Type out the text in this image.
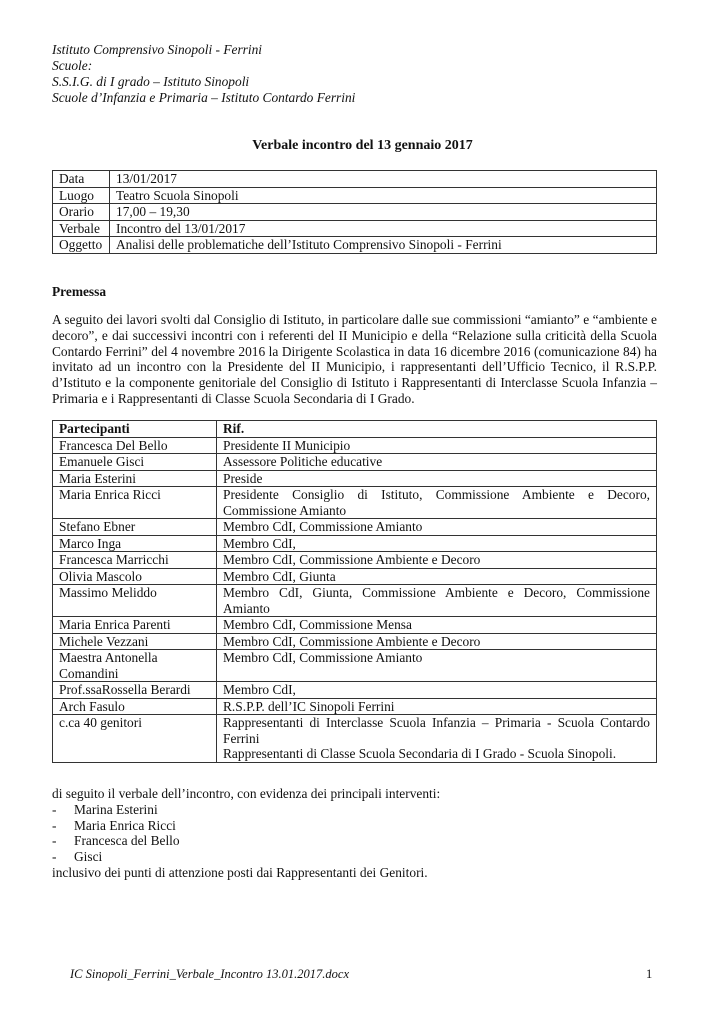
Istituto Comprensivo Sinopoli - Ferrini
Scuole:
S.S.I.G. di I grado – Istituto Sinopoli
Scuole d’Infanzia e Primaria – Istituto Contardo Ferrini
Verbale incontro del 13 gennaio 2017
Data	13/01/2017
Luogo	Teatro Scuola Sinopoli
Orario	17,00 – 19,30
Verbale	Incontro del 13/01/2017
Oggetto	Analisi delle problematiche dell’Istituto Comprensivo Sinopoli - Ferrini
Premessa
A seguito dei lavori svolti dal Consiglio di Istituto, in particolare dalle sue commissioni “amianto” e “ambiente e decoro”, e dai successivi incontri con i referenti del II Municipio e della “Relazione sulla criticità della Scuola Contardo Ferrini” del 4 novembre 2016 la Dirigente Scolastica in data 16 dicembre 2016 (comunicazione 84) ha invitato ad un incontro con la Presidente del II Municipio, i rappresentanti dell’Ufficio Tecnico, il R.S.P.P. d’Istituto e la componente genitoriale del Consiglio di Istituto i Rappresentanti di Interclasse Scuola Infanzia – Primaria e i Rappresentanti di Classe Scuola Secondaria di I Grado.
Partecipanti	Rif.
Francesca Del Bello	Presidente II Municipio
Emanuele Gisci	Assessore Politiche educative
Maria Esterini	Preside
Maria Enrica Ricci	Presidente Consiglio di Istituto, Commissione Ambiente e Decoro, Commissione Amianto
Stefano Ebner	Membro CdI, Commissione Amianto
Marco Inga	Membro CdI,
Francesca Marricchi	Membro CdI, Commissione Ambiente e Decoro
Olivia Mascolo	Membro CdI, Giunta
Massimo Meliddo	Membro CdI, Giunta, Commissione Ambiente e Decoro, Commissione Amianto
Maria Enrica Parenti	Membro CdI, Commissione Mensa
Michele Vezzani	Membro CdI, Commissione Ambiente e Decoro
Maestra Antonella Comandini	Membro CdI, Commissione Amianto
Prof.ssaRossella Berardi	Membro CdI,
Arch Fasulo	R.S.P.P. dell’IC Sinopoli Ferrini
c.ca 40 genitori	Rappresentanti di Interclasse Scuola Infanzia – Primaria - Scuola Contardo Ferrini
Rappresentanti di Classe Scuola Secondaria di I Grado - Scuola Sinopoli.
di seguito il verbale dell’incontro, con evidenza dei principali interventi:
- Marina Esterini
- Maria Enrica Ricci
- Francesca del Bello
- Gisci
inclusivo dei punti di attenzione posti dai Rappresentanti dei Genitori.
IC Sinopoli_Ferrini_Verbale_Incontro 13.01.2017.docx	1
